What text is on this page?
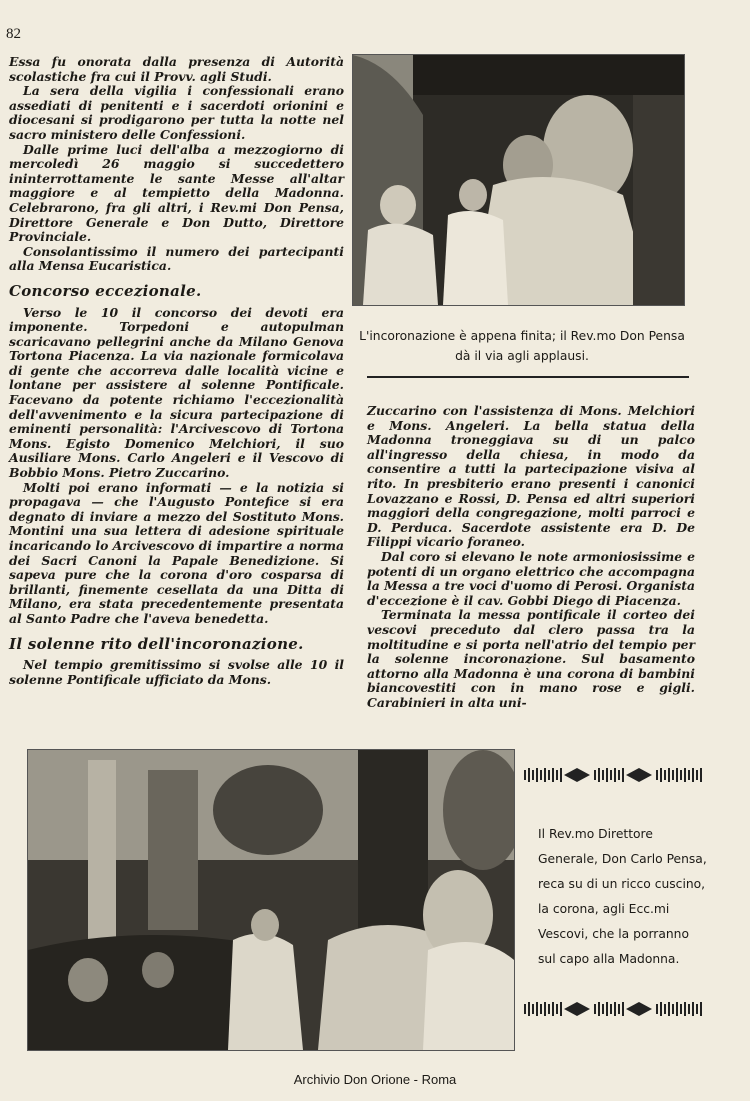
82

Essa fu onorata dalla presenza di Autorità scolastiche fra cui il Provv. agli Studi.

La sera della vigilia i confessionali erano assediati di penitenti e i sacerdoti orionini e diocesani si prodigarono per tutta la notte nel sacro ministero delle Confessioni.

Dalle prime luci dell'alba a mezzogiorno di mercoledì 26 maggio si succedettero ininterrottamente le sante Messe all'altar maggiore e al tempietto della Madonna. Celebrarono, fra gli altri, i Rev.mi Don Pensa, Direttore Generale e Don Dutto, Direttore Provinciale.

Consolantissimo il numero dei partecipanti alla Mensa Eucaristica.

Concorso eccezionale.

Verso le 10 il concorso dei devoti era imponente. Torpedoni e autopulman scaricavano pellegrini anche da Milano Genova Tortona Piacenza. La via nazionale formicolava di gente che accorreva dalle località vicine e lontane per assistere al solenne Pontificale. Facevano da potente richiamo l'eccezionalità dell'avvenimento e la sicura partecipazione di eminenti personalità: l'Arcivescovo di Tortona Mons. Egisto Domenico Melchiori, il suo Ausiliare Mons. Carlo Angeleri e il Vescovo di Bobbio Mons. Pietro Zuccarino.

Molti poi erano informati — e la notizia si propagava — che l'Augusto Pontefice si era degnato di inviare a mezzo del Sostituto Mons. Montini una sua lettera di adesione spirituale incaricando lo Arcivescovo di impartire a norma dei Sacri Canoni la Papale Benedizione. Si sapeva pure che la corona d'oro cosparsa di brillanti, finemente cesellata da una Ditta di Milano, era stata precedentemente presentata al Santo Padre che l'aveva benedetta.

Il solenne rito dell'incoronazione.

Nel tempio gremitissimo si svolse alle 10 il solenne Pontificale ufficiato da Mons.

L'incoronazione è appena finita; il Rev.mo Don Pensa dà il via agli applausi.

Zuccarino con l'assistenza di Mons. Melchiori e Mons. Angeleri. La bella statua della Madonna troneggiava su di un palco all'ingresso della chiesa, in modo da consentire a tutti la partecipazione visiva al rito. In presbiterio erano presenti i canonici Lovazzano e Rossi, D. Pensa ed altri superiori maggiori della congregazione, molti parroci e D. Perduca. Sacerdote assistente era D. De Filippi vicario foraneo.

Dal coro si elevano le note armoniosissime e potenti di un organo elettrico che accompagna la Messa a tre voci d'uomo di Perosi. Organista d'eccezione è il cav. Gobbi Diego di Piacenza.

Terminata la messa pontificale il corteo dei vescovi preceduto dal clero passa tra la moltitudine e si porta nell'atrio del tempio per la solenne incoronazione. Sul basamento attorno alla Madonna è una corona di bambini biancovestiti con in mano rose e gigli. Carabinieri in alta uni-

Il Rev.mo Direttore Generale, Don Carlo Pensa, reca su di un ricco cuscino, la corona, agli Ecc.mi Vescovi, che la porranno sul capo alla Madonna.
Archivio Don Orione - Roma
